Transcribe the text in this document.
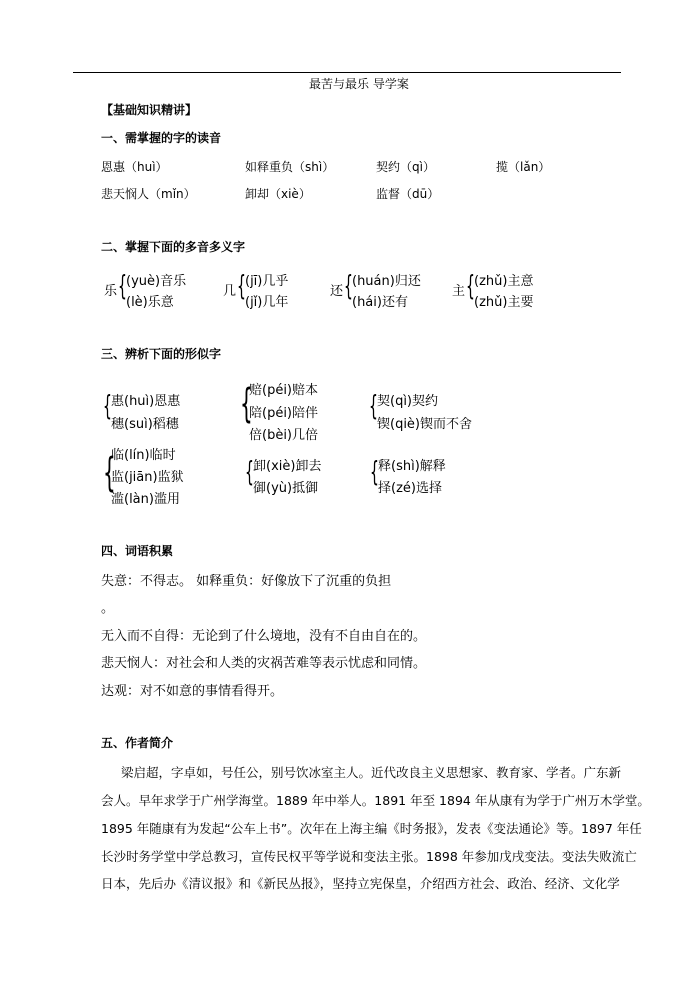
最苦与最乐 导学案
【基础知识精讲】
一、需掌握的字的读音
恩惠（huì）	如释重负（shì）	契约（qì）	揽（lǎn）
悲天悯人（mǐn）	卸却（xiè）	监督（dū）
二、掌握下面的多音多义字
乐 { (yuè)音乐
(lè)乐意
几 { (jī)几乎
(jǐ)几年
还 { (huán)归还
(hái)还有
主 { (zhǔ)主意
(zhǔ)主要
三、辨析下面的形似字
{ 惠(huì)恩惠
穗(suì)稻穗 {
赔(péi)赔本
陪(péi)陪伴
倍(bèi)几倍
{ 契(qì)契约
锲(qiè)锲而不舍
{
临(lín)临时
监(jiān)监狱
滥(làn)滥用
{ 卸(xiè)卸去
御(yù)抵御
{ 释(shì)解释
择(zé)选择
四、词语积累
失意：不得志。 如释重负：好像放下了沉重的负担
。
无入而不自得：无论到了什么境地，没有不自由自在的。
悲天悯人：对社会和人类的灾祸苦难等表示忧虑和同情。
达观：对不如意的事情看得开。
五、作者简介
梁启超，字卓如，号任公，别号饮冰室主人。近代改良主义思想家、教育家、学者。广东新
会人。早年求学于广州学海堂。1889 年中举人。1891 年至 1894 年从康有为学于广州万木学堂。
1895 年随康有为发起“公车上书”。次年在上海主编《时务报》，发表《变法通论》等。1897 年任
长沙时务学堂中学总教习，宣传民权平等学说和变法主张。1898 年参加戊戌变法。变法失败流亡
日本，先后办《清议报》和《新民丛报》，坚持立宪保皇，介绍西方社会、政治、经济、文化学
